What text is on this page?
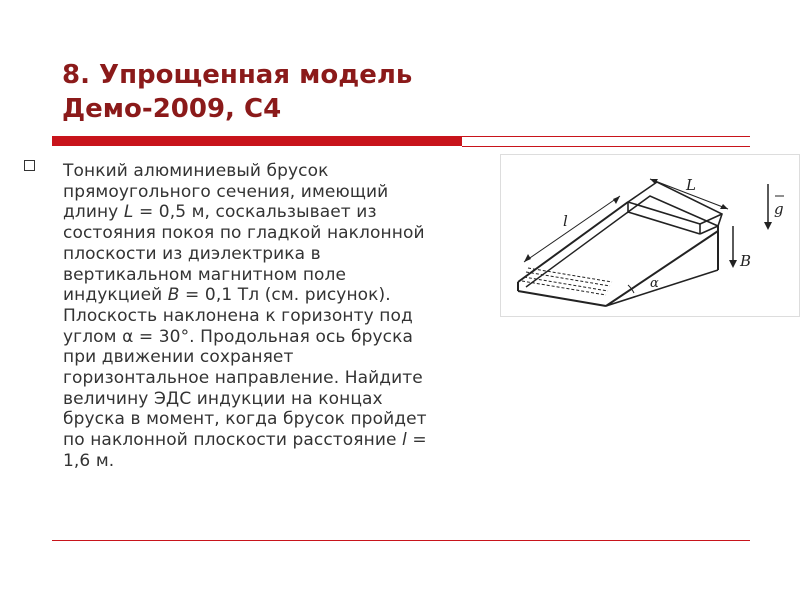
8. Упрощенная модель
Демо-2009, С4
Тонкий алюминиевый брусок
прямоугольного сечения, имеющий
длину L = 0,5 м, соскальзывает из
состояния покоя по гладкой наклонной
плоскости из диэлектрика в
вертикальном магнитном поле
индукцией B = 0,1 Тл (см. рисунок).
Плоскость наклонена к горизонту под
углом α = 30°. Продольная ось бруска
при движении сохраняет
горизонтальное направление. Найдите
величину ЭДС индукции на концах
бруска в момент, когда брусок пройдет
по наклонной плоскости расстояние l =
1,6 м.
L
l
α
B
g
